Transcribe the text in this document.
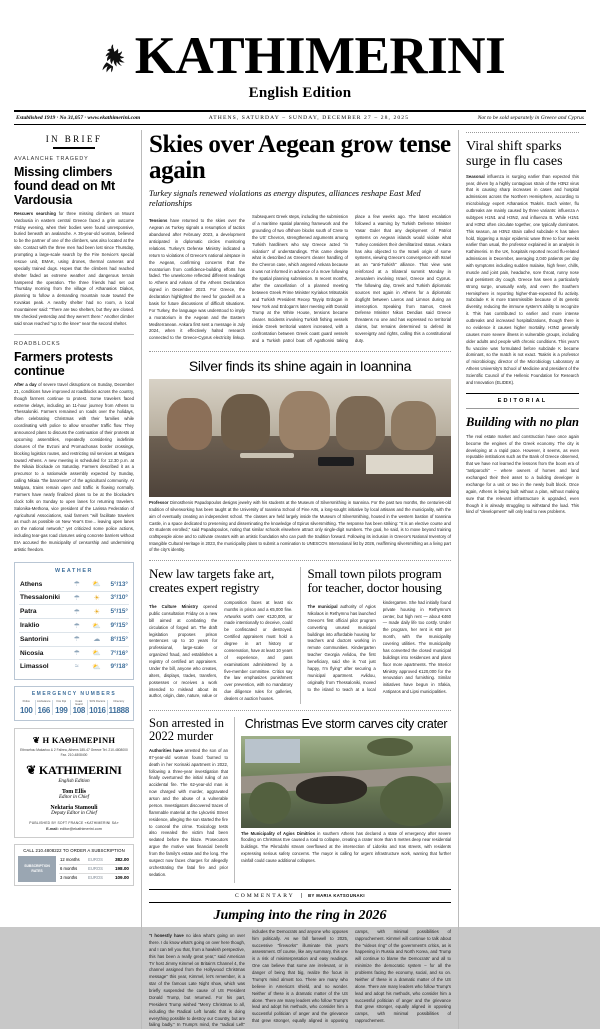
KATHIMERINI
English Edition
Established 1919 · No 31,057 · www.ekathimerini.com	ATHENS, SATURDAY – SUNDAY, DECEMBER 27 – 28, 2025	Not to be sold separately in Greece and Cyprus
IN BRIEF
AVALANCHE TRAGEDY
Missing climbers found dead on Mt Vardousia

Rescuers searching for three missing climbers on Mount Vardousia in eastern central Greece faced a grim outcome Friday evening, when their bodies were found unresponsive, buried beneath an avalanche. A 35-year-old woman, believed to be the partner of one of the climbers, was also located at the site. Contact with the three men had been lost since Thursday, prompting a large-scale search by the Fire Service's special rescue unit, EMAK, using drones, thermal cameras and specially trained dogs. Hopes that the climbers had reached shelter faded as extreme weather and dangerous terrain hampered the operation. The three friends had set out Thursday morning from the village of Athanasios Diakos, planning to follow a demanding mountain route toward the Kovakas peak. A nearby shelter had no room, a local mountaineer said: "There are two shelters, but they are closed. We checked yesterday and they weren't there." Another climber said snow reached "up to the knee" near the second shelter.

ROADBLOCKS
Farmers protests continue

After a day of severe travel disruptions on Sunday, December 21, conditions have improved at roadblocks across the country, though farmers continue to protest. Some travelers faced extreme delays, including an 11-hour journey from Athens to Thessaloniki. Farmers remained on roads over the holidays, often celebrating Christmas with their families while coordinating with police to allow smoother traffic flow. They announced plans to discuss the continuation of their protests at upcoming assemblies, repeatedly considering indefinite closures of the Evzoni and Promachonas border crossings, blocking logistics routes, and restricting rail services at Malgara toward Athens. A new meeting is scheduled for 12.30 p.m. at the Nikaia blockade on Saturday. Farmers described it as a precursor to a nationwide assembly expected by Sunday, calling Nikaia "the barometer" of the agricultural community. At Malgara, trains remain open and traffic is flowing normally. Farmers have nearly finalized plans to be at the blockade's clock tolls on Sunday to open lanes for returning travelers. Salonika-Methona, vice president of the Larissa Federation of Agricultural Associations, said farmers "will facilitate travelers as much as possible on New Year's Eve... leaving open lanes on the national network," yet criticized some police actions, including tear-gas road closures using concrete barriers without EIA accused the municipality of censorship and undermining artistic freedom.

WEATHER
Athens	☂	⛅	5°/13°
Thessaloniki	☂	☀	3°/10°
Patra	☂	☀	5°/15°
Iraklio	☂	⛅	9°/15°
Santorini	☂	☁	8°/15°
Nicosia	☂	⛅	7°/16°
Limassol	≈	⛅	9°/18°
EMERGENCY NUMBERS
Police
100
Ambulance
166
Fire Dpt
199
Coast Guard
108
SOS Doctors
1016
Directory
11888
❦ Η ΚΑΘΗΜΕΡΙΝΗ
Ethnarhou Makariou & 2 Falirea, Athens 185-47 Greece Tel. 210-4808000 Fax. 210-4808400
❦ KATHIMERINI
English Edition
Tom Ellis
Editor in Chief
Nektaria Stamouli
Deputy Editor in Chief
PUBLISHED BY SOFT FRANCE «KATHIMERINI SA»
E-mail: editor@ekathimerini.com
CALL 210.4808222 TO ORDER A SUBSCRIPTION
SUBSCRIPTION RATES
12 months	EUROS	382.00
6 months	EUROS	198.00
3 months	EUROS	109.00
Skies over Aegean grow tense again
Turkey signals renewed violations as energy disputes, alliances reshape East Med relationships

Tensions have returned to the skies over the Aegean as Turkey signals a resumption of tactics abandoned after February 2023, a development anticipated in diplomatic circles monitoring relations. Turkey's Defense Ministry indicated a return to violations of Greece's national airspace in the Aegean, confirming concerns that the moratorium from confidence-building efforts has faded. The unwelcome reflected different readings to Athens and Ankara of the Athens Declaration signed in December 2023. For Greece, the declaration highlighted the need for goodwill as a basis for future discussions of difficult situations. For Turkey, the language was understood to imply a moratorium in the Aegean and the Eastern Mediterranean. Ankara first sent a message in July 2024, when it effectively halted research connected to the Greece-Cyprus electricity linkup. Subsequent Greek steps, including the submission of a maritime spatial planning framework and the grounding of two offshore blocks south of Crete to the US' Chevron, strengthened arguments among Turkish hardliners who say Greece acted "in violation" of understandings. This came despite what is described as Greece's clearer handling of the Chevron case, which angered Ankara because it was not informed in advance of a move following the spatial planning submission. In recent months, after the cancellation of a planned meeting between Greek Prime Minister Kyriakos Mitsotakis and Turkish President Recep Tayyip Erdogan in New York and Erdogan's later meeting with Donald Trump at the White House, tensions became clearer. Incidents involving Turkish fishing vessels inside Greek territorial waters increased, with a confrontation between Greek coast guard vessels and a Turkish patrol boat off Agathonisi taking place a few weeks ago. The latest escalation followed a warning by Turkish Defense Minister Yasar Guler that any deployment of Patriot systems on Aegean islands would violate what Turkey considers their demilitarized status. Ankara has also objected to the Israeli origin of some systems, viewing Greece's convergence with Israel as an "anti-Turkish" alliance. That view was reinforced at a trilateral summit Monday in Jerusalem involving Israel, Greece and Cyprus. The following day, Greek and Turkish diplomatic sources met again in Athens for a diplomatic dogfight between Lavros and Limnos during an interception. Speaking from Samos, Greek Defense Minister Nikos Dendias said Greece threatens no one and has expressed no territorial claims, but remains determined to defend its sovereignty and rights, calling this a constitutional duty.

Silver finds its shine again in Ioannina

Professor Dimosthenis Papadopoulos designs jewelry with his students at the Museum of Silversmithing in Ioannina. For the past two months, the centuries-old tradition of silverworking has been taught at the University of Ioannina School of Fine Arts, a long-sought initiative by local artisans and the municipality, with the aim of eventually creating an independent school. The classes are held largely inside the Museum of Silversmithing, housed in the western bastion of Ioannina Castle, in a space dedicated to preserving and disseminating the knowledge of Epirus silversmithing. The response has been striking: "It is an elective course and 40 students enrolled," said Papadopoulos, noting that similar schools elsewhere attract only single-digit numbers. The goal, he said, is to move beyond training craftspeople alone and to cultivate creators with an artistic foundation who can push the tradition forward. Following its inclusion in Greece's National Inventory of Intangible Cultural Heritage in 2023, the municipality plans to submit a nomination to UNESCO's International list by 2026, reaffirming silversmithing as a living part of the city's identity.

New law targets fake art, creates expert registry

The Culture Ministry opened public consultation Friday on a new bill aimed at combating the circulation of forged art. The draft legislation proposes prison sentences up to 10 years for professional, large-scale or organized fraud, and establishes a registry of certified art appraisers. Under the bill, anyone who creates, alters, displays, trades, transfers, possesses or receives a work intended to mislead about its author, origin, date, nature, value or composition faces at least six months in prison and a €5,000 fine. Artworks worth over €120,000, or made intentionally to deceive, could be confiscated or destroyed. Certified appraisers must hold a degree in art history or conservation, have at least 10 years of experience, and pass examinations administered by a five-member committee. Critics say the law emphasizes punishment over prevention, with no mandatory due diligence rules for galleries, dealers or auction houses.

Small town pilots program for teacher, doctor housing

The municipal authority of Agios Nikolaos in Rethymno has launched Greece's first official pilot program converting unused municipal buildings into affordable housing for teachers and doctors working in remote communities. Kindergarten teacher Georgia Avlidou, the first beneficiary, said she is "not just happy, I'm flying" after securing a municipal apartment. Avlidou, originally from Thessaloniki, moved to the island to teach at a local kindergarten. She had initially found private housing in Rethymno's center, but high rent — about €460 — made daily life too costly. Under the program, her rent is €50 per month, with the municipality covering utilities. The municipality has converted the closed municipal buildings into residences and plans floor more apartments. The Interior Ministry approved €120,000 for the renovation and furnishing. Similar initiatives have begun in Sfakia, Antiparos and Lipsi municipalities.

Son arrested in 2022 murder

Authorities have arrested the son of an 87-year-old woman found 'burned to death in her Korinaki apartment in 2022, following a three-year investigation that finally overturned the initial ruling of an accidental fire. The 62-year-old man is now charged with murder, aggravated arson and the abuse of a vulnerable person. Investigators discovered traces of flammable material at the Lykovrisi Street residence, alleging the son started the fire to conceal the crime. Toxicology tests also revealed the victim had been sedated before the blaze. Prosecutors argue the motive was financial benefit from the family's estate and the long. The suspect now faces charges for allegedly orchestrating the fatal fire and prior sedation.

Christmas Eve storm carves city crater

The Municipality of Agios Dimitrios in southern Athens has declared a state of emergency after severe flooding on Christmas Eve caused a road to collapse, creating a crater more than 5 metres deep near residential buildings. The Pikrodafni stream overflowed at the intersection of Lidoriko and Iras streets, with residents expressing serious safety concerns. The mayor is calling for urgent infrastructure work, warning that further rainfall could cause additional collapses.

COMMENTARY | BY MARIA KATSOUNAKI
Jumping into the ring in 2026

"I honestly have no idea what's going on over there. I do know what's going on over here though, and I can tell you that, from a hawkish perspective, this has been a really great year," said American TV host Jimmy Kimmel on Britain's Channel 4, the channel assigned from the Hollywood Christmas message" this year, Kimmel, let's remember, is a star of the famous Late Night show, which was briefly suspended the cause of US President Donald Trump, but returned. For his part, President Trump wished "Merry Christmas to all, including the Radical Left lunatic that is doing everything possible to destroy our Country, but are failing badly." In Trump's mind, the "radical Left" includes the Democrats and anyone who opposes him politically. As we fall farewell to 2025, successive "fireworks" illuminate this year's assessment. Of course, like any summary, this one is a risk of misinterpretation and easy readings. One can believe that some are irrelevant, or in danger of being that big, realize the focus in Trump's mind almost too. There are many who believe in America's shield, and no wonder. Neither of these is a dramatic matter of the US alone. There are many leaders who follow Trump's lead and adopt his methods, who consider him a successful politician of anger and the grievance that grew stronger, equally aligned in opposing camps, with minimal possibilities of rapprochement. Kimmel will continue to talk about the "videos ring" of the government's critics, as is happening in Russia and North Korea, and Trump will continue to blame the Democrats' and all to minimize the democratic system – for all the problems facing the economy, social, and so on. Neither of these is a dramatic matter of the US alone. There are many leaders who follow Trump's lead and adopt his methods, who consider him a successful politician of anger and the grievance that grew stronger, equally aligned in opposing camps, with minimal possibilities of rapprochement.

Viral shift sparks surge in flu cases

Seasonal influenza is surging earlier than expected this year, driven by a highly contagious strain of the H3N2 virus that is causing sharp increases in cases and hospital admissions across the Northern Hemisphere, according to microbiology expert Athanasios Tsakris. Each winter, flu outbreaks are mainly caused by three variants: influenza A subtypes H1N1 and H3N2, and influenza B. While H1N1 and H3N2 often circulate together, one typically dominates. This season, an H3N2 strain called subclade K has taken hold, triggering a major epidemic wave three to four weeks earlier than usual, the professor explained in an analysis in Kathimerini. In the UK, hospitals reported record flu-related admissions in December, averaging 2,040 patients per day with symptoms including sudden malaise, high fever, chills, muscle and joint pain, headache, sore throat, runny nose and persistent dry cough. Greece has seen a particularly strong surge, unusually early, and even the Southern Hemisphere is reporting higher-than-expected flu activity. Subclade K is more transmissible because of its genetic diversity, reducing the immune system's ability to recognize it. This has contributed to earlier and more intense outbreaks and increased hospitalizations, though there is no evidence it causes higher mortality. H3N2 generally causes more severe illness in vulnerable groups, including older adults and people with chronic conditions. This year's flu vaccine was formulated before subclade K became dominant, so the match is not exact. Tsakris is a professor of microbiology, director of the Microbiology Laboratory at Athens University's School of Medicine and president of the Scientific Council of the Hellenic Foundation for Research and Innovation (ELIDEK).

EDITORIAL
Building with no plan

The real estate market and construction have once again become the engines of the Greek economy. The city is developing at a rapid pace. However, it seems, as even reputable institutions such as the Bank of Greece observed, that we have not learned the lessons from the boom era of "antiparochi" – where owners of homes and land exchanged their their asset to a building developer in exchange for a unit or two in the newly built block. Once again, Athens is being built without a plan, without making sure that the relevant infrastructure is upgraded, even though it is already struggling to withstand the load. This kind of "development" will only lead to new problems.
